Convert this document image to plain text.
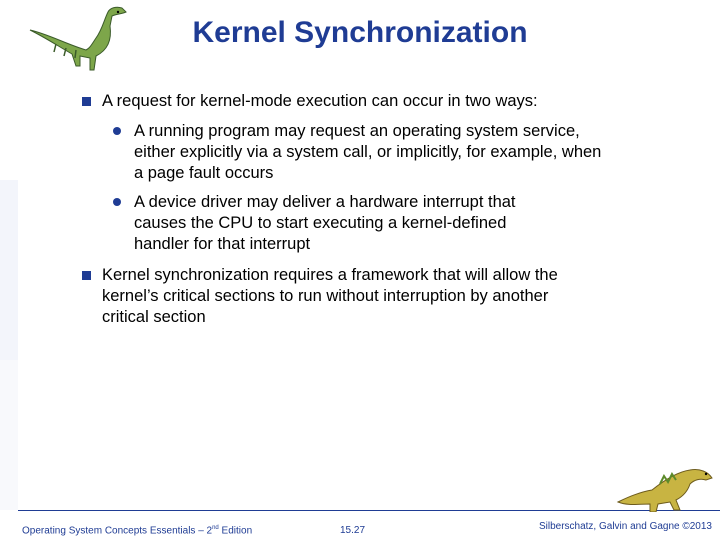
Kernel Synchronization
A request for kernel-mode execution can occur in two ways:
A running program may request an operating system service, either explicitly via a system call, or implicitly, for example, when a page fault occurs
A device driver may deliver a hardware interrupt that causes the CPU to start executing a kernel-defined handler for that interrupt
Kernel synchronization requires a framework that will allow the kernel’s critical sections to run without interruption by another critical section
Operating System Concepts Essentials – 2nd Edition	15.27	Silberschatz, Galvin and Gagne ©2013
